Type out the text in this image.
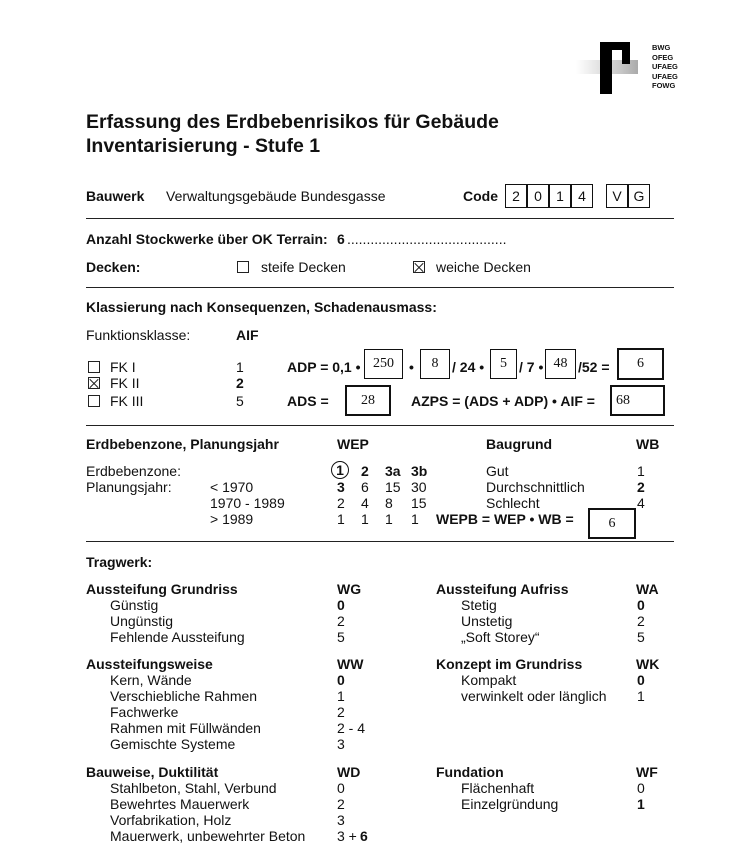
BWG
OFEG
UFAEG
UFAEG
FOWG
Erfassung des Erdbebenrisikos für Gebäude
Inventarisierung - Stufe 1
Bauwerk Verwaltungsgebäude Bundesgasse	Code	2	0	1	4	V G
Anzahl Stockwerke über OK Terrain: 6 .........................................
Decken:	steife Decken	weiche Decken
Klassierung nach Konsequenzen, Schadenausmass:
Funktionsklasse:	AIF
FK I	1
FK II	2
FK III	5
ADP = 0,1 • 250	•	8 / 24 •	5 / 7 • 48 /52 =	6
ADS =	28	AZPS = (ADS + ADP) • AIF =	68
Erdbebenzone, Planungsjahr	WEP	Baugrund	WB
Erdbebenzone:	1	2 3a 3b
Planungsjahr:	< 1970	3 6 15 30
1970 - 1989	2 4 8 15
> 1989	1 1 1 1
Gut	1
Durchschnittlich	2
Schlecht	4
WEPB = WEP • WB =	6
Tragwerk:
Aussteifung Grundriss	WG
Günstig	0
Ungünstig	2
Fehlende Aussteifung	5
Aussteifung Aufriss	WA
Stetig	0
Unstetig	2
„Soft Storey“	5
Aussteifungsweise	WW
Kern, Wände	0
Verschiebliche Rahmen	1
Fachwerke	2
Rahmen mit Füllwänden	2 - 4
Gemischte Systeme	3
Konzept im Grundriss	WK
Kompakt	0
verwinkelt oder länglich 1
Bauweise, Duktilität	WD
Stahlbeton, Stahl, Verbund	0
Bewehrtes Mauerwerk	2
Vorfabrikation, Holz	3
Mauerwerk, unbewehrter Beton 3 + 6
Fundation	WF
Flächenhaft	0
Einzelgründung	1
